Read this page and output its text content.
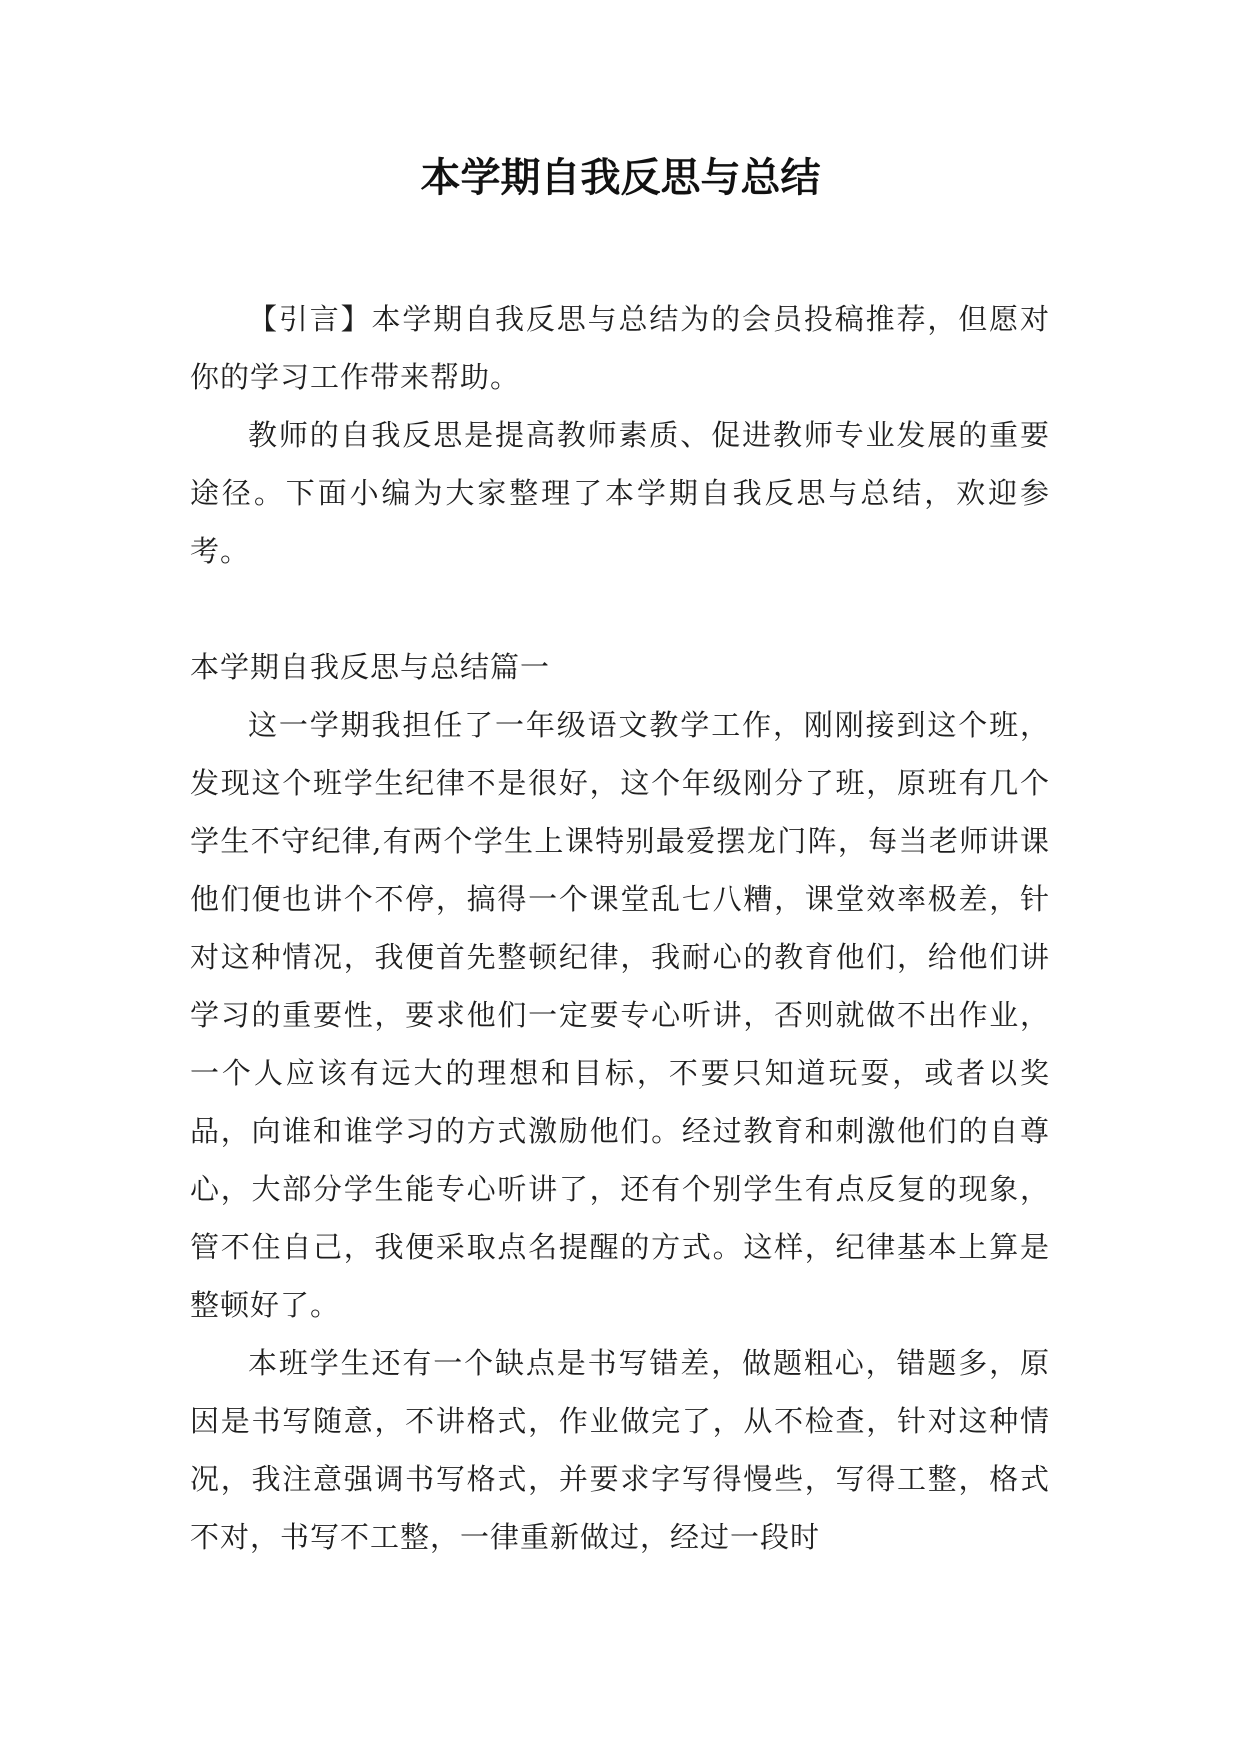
本学期自我反思与总结

【引言】本学期自我反思与总结为的会员投稿推荐，但愿对你的学习工作带来帮助。

教师的自我反思是提高教师素质、促进教师专业发展的重要途径。下面小编为大家整理了本学期自我反思与总结，欢迎参考。

本学期自我反思与总结篇一

这一学期我担任了一年级语文教学工作，刚刚接到这个班，发现这个班学生纪律不是很好，这个年级刚分了班，原班有几个学生不守纪律,有两个学生上课特别最爱摆龙门阵，每当老师讲课他们便也讲个不停，搞得一个课堂乱七八糟，课堂效率极差，针对这种情况，我便首先整顿纪律，我耐心的教育他们，给他们讲学习的重要性，要求他们一定要专心听讲，否则就做不出作业，一个人应该有远大的理想和目标，不要只知道玩耍，或者以奖品，向谁和谁学习的方式激励他们。经过教育和刺激他们的自尊心，大部分学生能专心听讲了，还有个别学生有点反复的现象，管不住自己，我便采取点名提醒的方式。这样，纪律基本上算是整顿好了。

本班学生还有一个缺点是书写错差，做题粗心，错题多，原因是书写随意，不讲格式，作业做完了，从不检查，针对这种情况，我注意强调书写格式，并要求字写得慢些，写得工整，格式不对，书写不工整，一律重新做过，经过一段时
